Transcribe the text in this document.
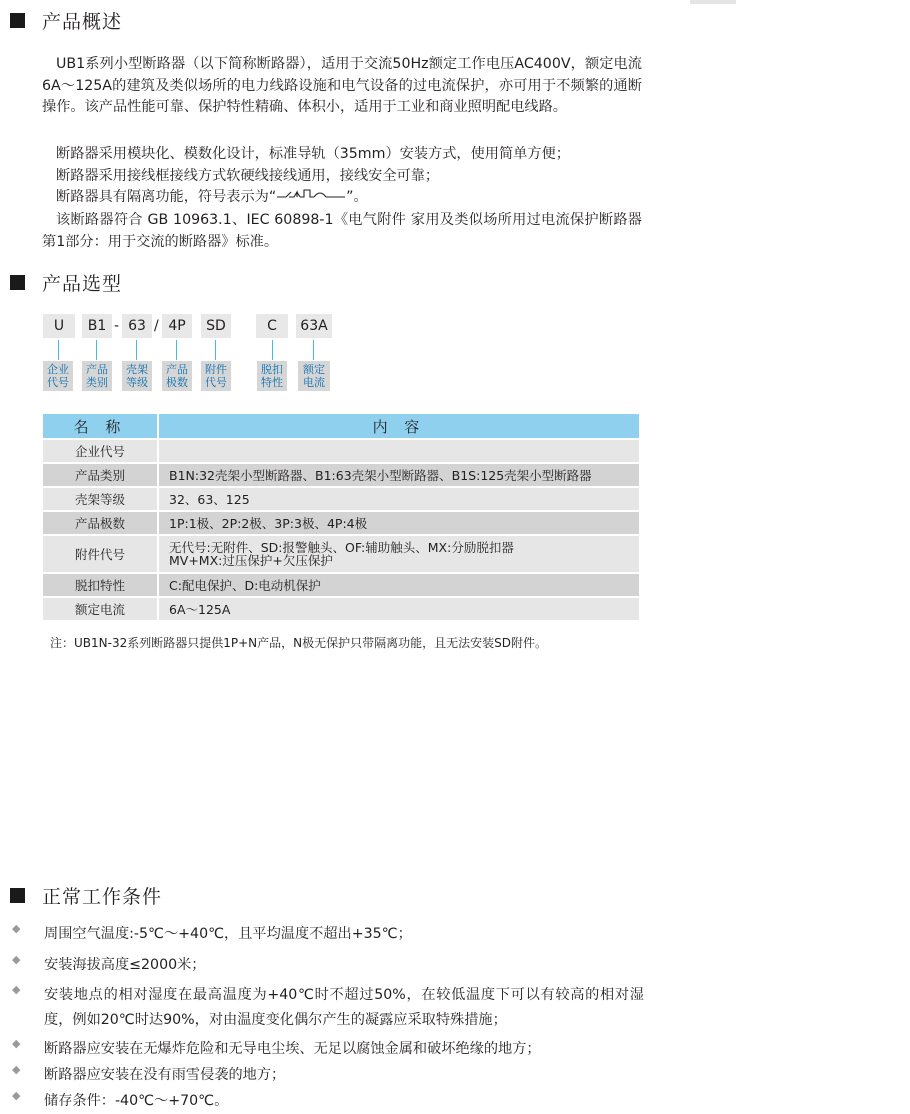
产品概述

UB1系列小型断路器（以下简称断路器），适用于交流50Hz额定工作电压AC400V，额定电流6A～125A的建筑及类似场所的电力线路设施和电气设备的过电流保护，亦可用于不频繁的通断操作。该产品性能可靠、保护特性精确、体积小，适用于工业和商业照明配电线路。

断路器采用模块化、模数化设计，标准导轨（35mm）安装方式，使用简单方便；

断路器采用接线框接线方式软硬线接线通用，接线安全可靠；

断路器具有隔离功能，符号表示为“	”。

该断路器符合 GB 10963.1、IEC 60898-1《电气附件 家用及类似场所用过电流保护断路器第1部分：用于交流的断路器》标准。

产品选型
U	B1 - 63 / 4P	SD	C	63A
企业
代号
产品
类别
壳架
等级
产品
极数
附件
代号
脱扣
特性
额定
电流
名 称	内 容
企业代号	

产品类别	B1N:32壳架小型断路器、B1:63壳架小型断路器、B1S:125壳架小型断路器

壳架等级	32、63、125

产品极数	1P:1极、2P:2极、3P:3极、4P:4极

附件代号	无代号:无附件、SD:报警触头、OF:辅助触头、MX:分励脱扣器
MV+MX:过压保护+欠压保护

脱扣特性	C:配电保护、D:电动机保护

额定电流	6A～125A
注：UB1N-32系列断路器只提供1P+N产品，N极无保护只带隔离功能，且无法安装SD附件。
正常工作条件
◆ 周围空气温度:-5℃～+40℃，且平均温度不超出+35℃；
◆ 安装海拔高度≤2000米；
◆ 安装地点的相对湿度在最高温度为+40℃时不超过50%，在较低温度下可以有较高的相对湿度，例如20℃时达90%，对由温度变化偶尔产生的凝露应采取特殊措施；
◆ 断路器应安装在无爆炸危险和无导电尘埃、无足以腐蚀金属和破坏绝缘的地方；
◆ 断路器应安装在没有雨雪侵袭的地方；
◆ 储存条件：-40℃～+70℃。
